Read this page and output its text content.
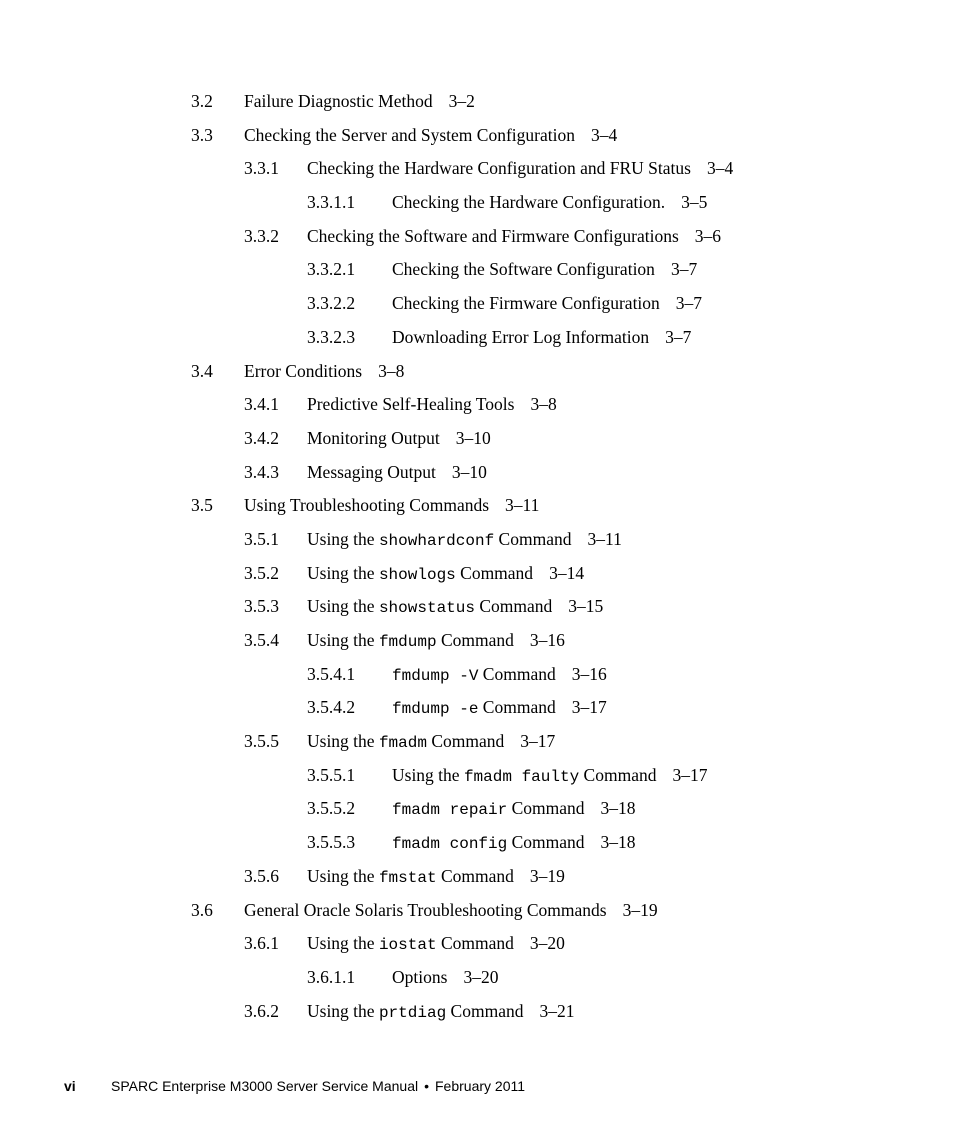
3.2 Failure Diagnostic Method 3–2
3.3 Checking the Server and System Configuration 3–4
3.3.1 Checking the Hardware Configuration and FRU Status 3–4
3.3.1.1 Checking the Hardware Configuration. 3–5
3.3.2 Checking the Software and Firmware Configurations 3–6
3.3.2.1 Checking the Software Configuration 3–7
3.3.2.2 Checking the Firmware Configuration 3–7
3.3.2.3 Downloading Error Log Information 3–7
3.4 Error Conditions 3–8
3.4.1 Predictive Self-Healing Tools 3–8
3.4.2 Monitoring Output 3–10
3.4.3 Messaging Output 3–10
3.5 Using Troubleshooting Commands 3–11
3.5.1 Using the showhardconf Command 3–11
3.5.2 Using the showlogs Command 3–14
3.5.3 Using the showstatus Command 3–15
3.5.4 Using the fmdump Command 3–16
3.5.4.1 fmdump -V Command 3–16
3.5.4.2 fmdump -e Command 3–17
3.5.5 Using the fmadm Command 3–17
3.5.5.1 Using the fmadm faulty Command 3–17
3.5.5.2 fmadm repair Command 3–18
3.5.5.3 fmadm config Command 3–18
3.5.6 Using the fmstat Command 3–19
3.6 General Oracle Solaris Troubleshooting Commands 3–19
3.6.1 Using the iostat Command 3–20
3.6.1.1 Options 3–20
3.6.2 Using the prtdiag Command 3–21
vi	SPARC Enterprise M3000 Server Service Manual • February 2011
